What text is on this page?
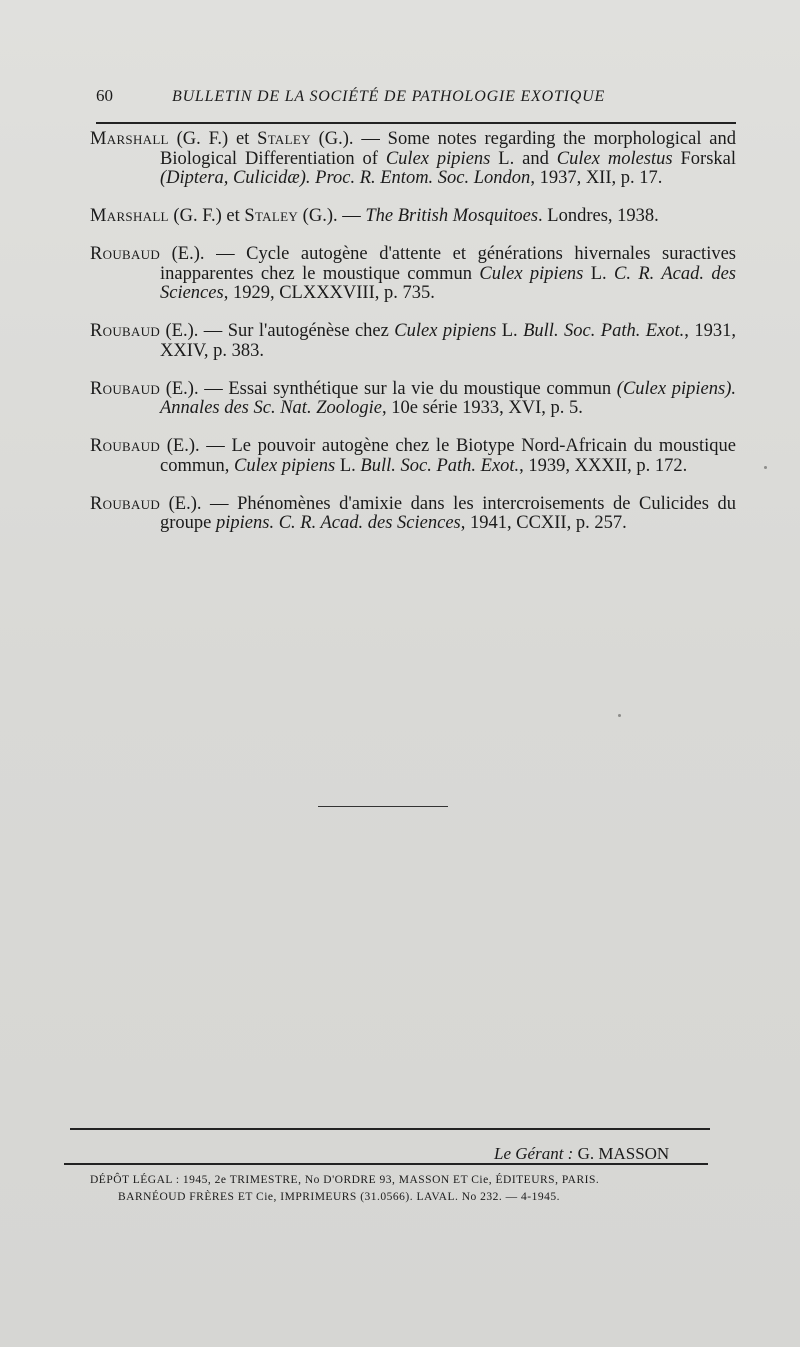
60	BULLETIN DE LA SOCIÉTÉ DE PATHOLOGIE EXOTIQUE

Marshall (G. F.) et Staley (G.). — Some notes regarding the morphological and Biological Differentiation of Culex pipiens L. and Culex molestus Forskal (Diptera, Culicidæ). Proc. R. Entom. Soc. London, 1937, XII, p. 17.

Marshall (G. F.) et Staley (G.). — The British Mosquitoes. Londres, 1938.

Roubaud (E.). — Cycle autogène d'attente et générations hivernales suractives inapparentes chez le moustique commun Culex pipiens L. C. R. Acad. des Sciences, 1929, CLXXXVIII, p. 735.

Roubaud (E.). — Sur l'autogénèse chez Culex pipiens L. Bull. Soc. Path. Exot., 1931, XXIV, p. 383.

Roubaud (E.). — Essai synthétique sur la vie du moustique commun (Culex pipiens). Annales des Sc. Nat. Zoologie, 10e série 1933, XVI, p. 5.

Roubaud (E.). — Le pouvoir autogène chez le Biotype Nord-Africain du moustique commun, Culex pipiens L. Bull. Soc. Path. Exot., 1939, XXXII, p. 172.

Roubaud (E.). — Phénomènes d'amixie dans les intercroisements de Culicides du groupe pipiens. C. R. Acad. des Sciences, 1941, CCXII, p. 257.

Le Gérant : G. MASSON
DÉPÔT LÉGAL : 1945, 2e TRIMESTRE, No D'ORDRE 93, MASSON ET Cie, ÉDITEURS, PARIS.
BARNÉOUD FRÈRES ET Cie, IMPRIMEURS (31.0566). LAVAL. No 232. — 4-1945.
